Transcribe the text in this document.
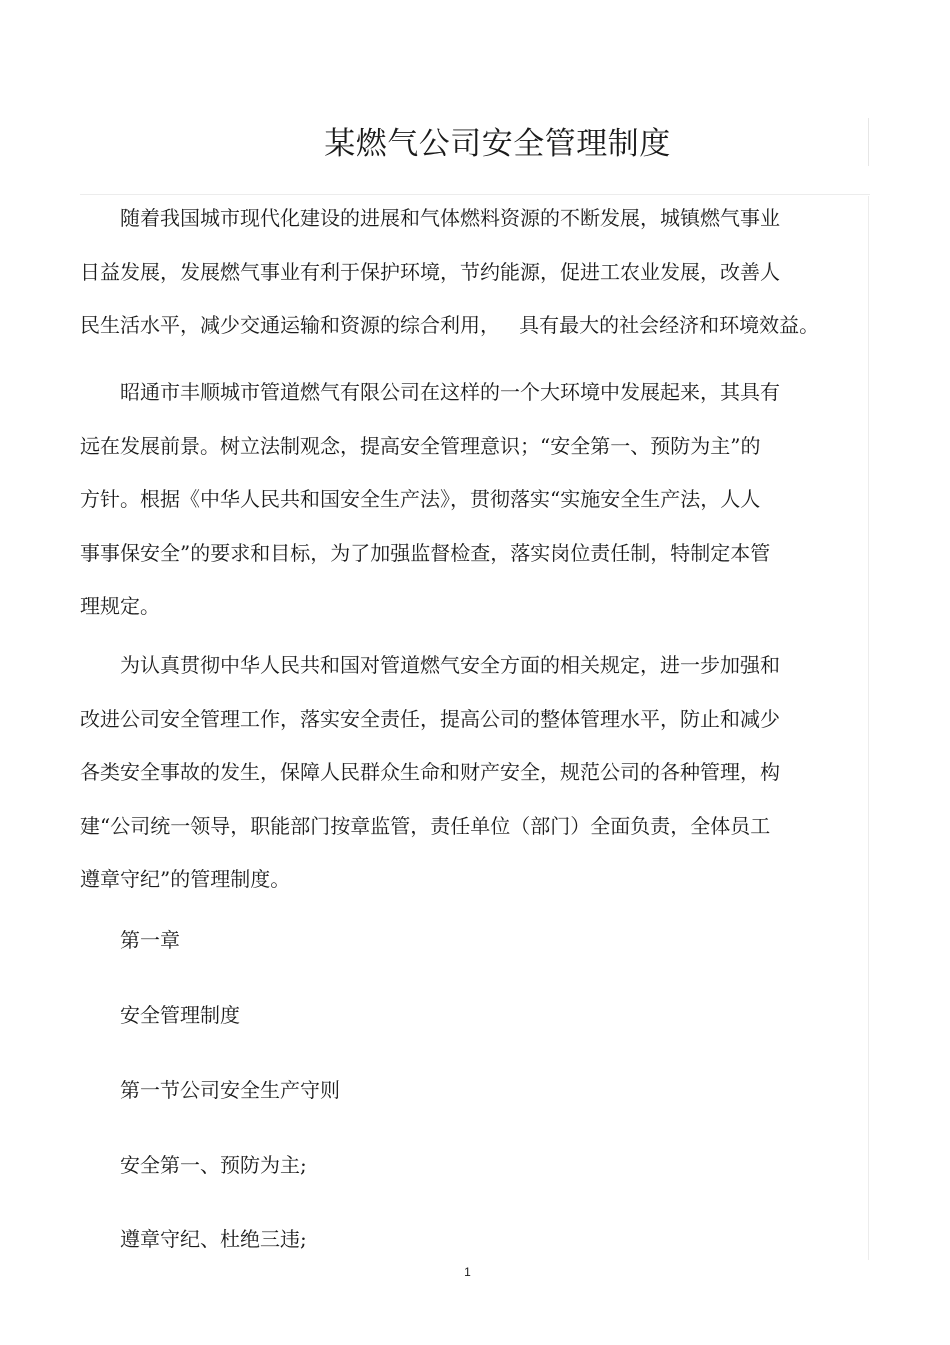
某燃气公司安全管理制度
随着我国城市现代化建设的进展和气体燃料资源的不断发展，城镇燃气事业
日益发展，发展燃气事业有利于保护环境，节约能源，促进工农业发展，改善人
民生活水平，减少交通运输和资源的综合利用，   具有最大的社会经济和环境效益。
昭通市丰顺城市管道燃气有限公司在这样的一个大环境中发展起来，其具有
远在发展前景。树立法制观念，提高安全管理意识；“安全第一、预防为主”的
方针。根据《中华人民共和国安全生产法》，贯彻落实“实施安全生产法，人人
事事保安全”的要求和目标，为了加强监督检查，落实岗位责任制，特制定本管
理规定。
为认真贯彻中华人民共和国对管道燃气安全方面的相关规定，进一步加强和
改进公司安全管理工作，落实安全责任，提高公司的整体管理水平，防止和减少
各类安全事故的发生，保障人民群众生命和财产安全，规范公司的各种管理，构
建“公司统一领导，职能部门按章监管，责任单位（部门）全面负责，全体员工
遵章守纪”的管理制度。

第一章

安全管理制度

第一节公司安全生产守则

安全第一、预防为主;

遵章守纪、杜绝三违;

1
